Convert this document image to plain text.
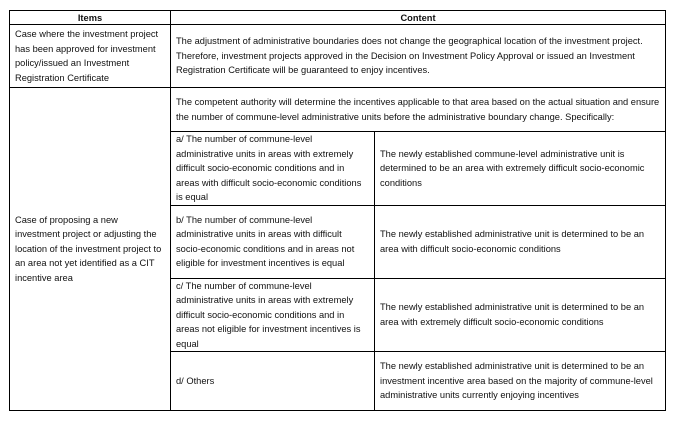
Items	Content	
Case where the investment project has been approved for investment policy/issued an Investment Registration Certificate	The adjustment of administrative boundaries does not change the geographical location of the investment project. Therefore, investment projects approved in the Decision on Investment Policy Approval or issued an Investment Registration Certificate will be guaranteed to enjoy incentives.	
Case of proposing a new investment project or adjusting the location of the investment project to an area not yet identified as a CIT incentive area	The competent authority will determine the incentives applicable to that area based on the actual situation and ensure the number of commune-level administrative units before the administrative boundary change. Specifically:	
	a/ The number of commune-level administrative units in areas with extremely difficult socio-economic conditions and in areas with difficult socio-economic conditions is equal	The newly established commune-level administrative unit is determined to be an area with extremely difficult socio-economic conditions
	b/ The number of commune-level administrative units in areas with difficult socio-economic conditions and in areas not eligible for investment incentives is equal	The newly established administrative unit is determined to be an area with difficult socio-economic conditions
	c/ The number of commune-level administrative units in areas with extremely difficult socio-economic conditions and in areas not eligible for investment incentives is equal	The newly established administrative unit is determined to be an area with extremely difficult socio-economic conditions
	d/ Others	The newly established administrative unit is determined to be an investment incentive area based on the majority of commune-level administrative units currently enjoying incentives
